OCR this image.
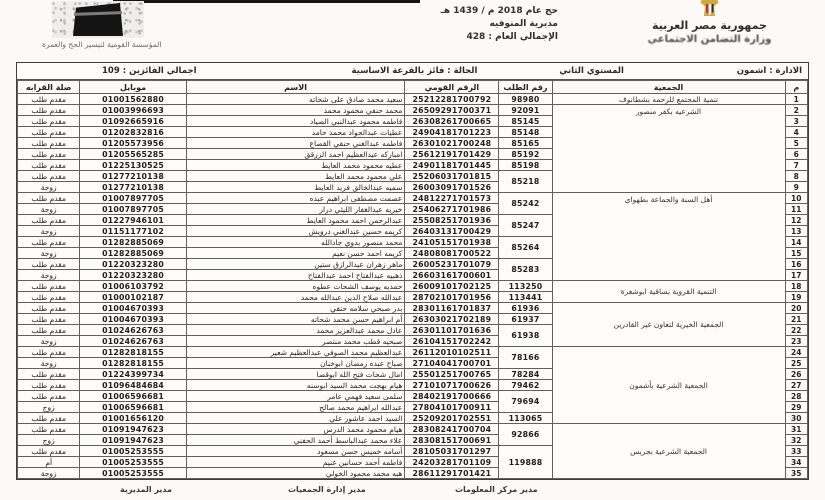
المؤسسة القومية لتيسير الحج والعمرة
حج عام 2018 م / 1439 هـ
مديرية المنوفيه
الإجمالي العام : 428
جمهورية مصر العربية
وزارة التضامن الاجتماعي
الادارة : اشمون
المستوي الثاني
الحالة : فائز بالقرعة الاساسية
اجمالي الفائزين : 109
م	الجمعية	رقم الطلب	الرقم القومي	الاسم	موبايل	صلة القرابه
1	تنمية المجتمع للرحمه بشطانوف	98980	25212281700792	سعيد محمد صادق على شحاته	01001562880	مقدم طلب
2	الشرعيه بكفر منصور	92091	26509291700371	محمد حنفي محمود محمد	01003996693	مقدم طلب
3		85145	26308261700665	فاطمه محمود عبدالنبي الصياد	01092665916	مقدم طلب
4		85148	24904181701223	عطيات عبدالجواد محمد حامد	01202832816	مقدم طلب
5		85165	26301021700248	فاطمه عبدالغني حنفي القصاع	01205573956	مقدم طلب
6		85192	25612191701429	امباركه عبدالعظيم احمد الزرقق	01205565285	مقدم طلب
7		85198	24901181701445	عطيه محمود محمد العايط	01225130525	مقدم طلب
8		85218	25206031701815	علي محمود محمد العايط	01277210138	مقدم طلب
9			26003091701526	سميه عبدالخالق فريد العايط	01277210138	زوجة
10	أهل السنة والجماعة بطهواى	85242	24812271701573	عصمت مصطفى ابراهيم عبده	01007897705	مقدم طلب
11			25406271701986	خيريه عبدالغفار الليثي درار	01007897705	زوجة
12		85247	25508251701936	عبدالرحمن احمد محمود العايط	01227946101	مقدم طلب
13			26403131700429	كريمه حسين عبدالغني درويش	01151177102	زوجة
14		85264	24105151701938	محمد منصور بدوي جادالله	01282885069	مقدم طلب
15			24808081700522	كريمه احمد حسن نعيم	01282885069	زوجة
16		85283	26005231701079	ماهر زهران عبدالرازق ستين	01220323280	مقدم طلب
17			26603161700601	ذهبيه عبدالفتاح احمد عبدالفتاح	01220323280	زوجة
18	التنمية القروية بساقية ابوشعرة	113250	26009101702125	حمديه يوسف الشحات عطوه	01006103792	مقدم طلب
19		113441	28702101701956	عبدالله صلاح الدين عبدالله محمد	01000102187	مقدم طلب
20	الجمعية الخيرية لتعاون غير القادرين	61936	28301161701837	بدر صبحي سلامه حنفي	01004670393	مقدم طلب
21		61937	26303021702189	أم ابراهيم حسن محمد شحاته	01004670393	مقدم طلب
22		61938	26301101701636	عادل محمد عبدالعزيز محمد	01024626763	مقدم طلب
23			26104151702242	صبحيه قطب محمد منتصر	01024626763	زوجة
24	الجمعية الشرعية بأشمون	78166	26112010102511	عبدالعظيم محمد الصوفي عبدالعظيم شعير	01282818155	مقدم طلب
25			27104041700701	صباح عبده رمضان ابوخنان	01282818155	زوجة
26		78284	25501251700765	امال شحات فتح الله ابوقصا	01224399734	مقدم طلب
27		79462	27101071700626	هيام بهجت محمد السيد ابوسنه	01096484684	مقدم طلب
28		79694	28402191700666	سلمى سعيد فهمي عامر	01006596681	مقدم طلب
29			27804101700911	عبدالله ابراهيم محمد صالح	01006596681	زوج
30		113065	25209201702551	السيد احمد عاشور علي	01001656120	مقدم طلب
31	الجمعية الشرعية بجريس	92866	28308241700704	هيام محمود محمد الدرس	01091947623	مقدم طلب
32			28308151700691	علاء محمد عبدالباسط أحمد الحفني	01091947623	زوج
33		119888	28105031701297	أسامه خميس حسن مسعود	01005253555	مقدم طلب
34			24203281701109	فاطمه أحمد حسانين غنيم	01005253555	أم
35			28611291701421	هبه محمد محمود الخولي	01005253555	زوجة
مدير مركز المعلومات
مدير إدارة الجمعيات
مدير المديرية
